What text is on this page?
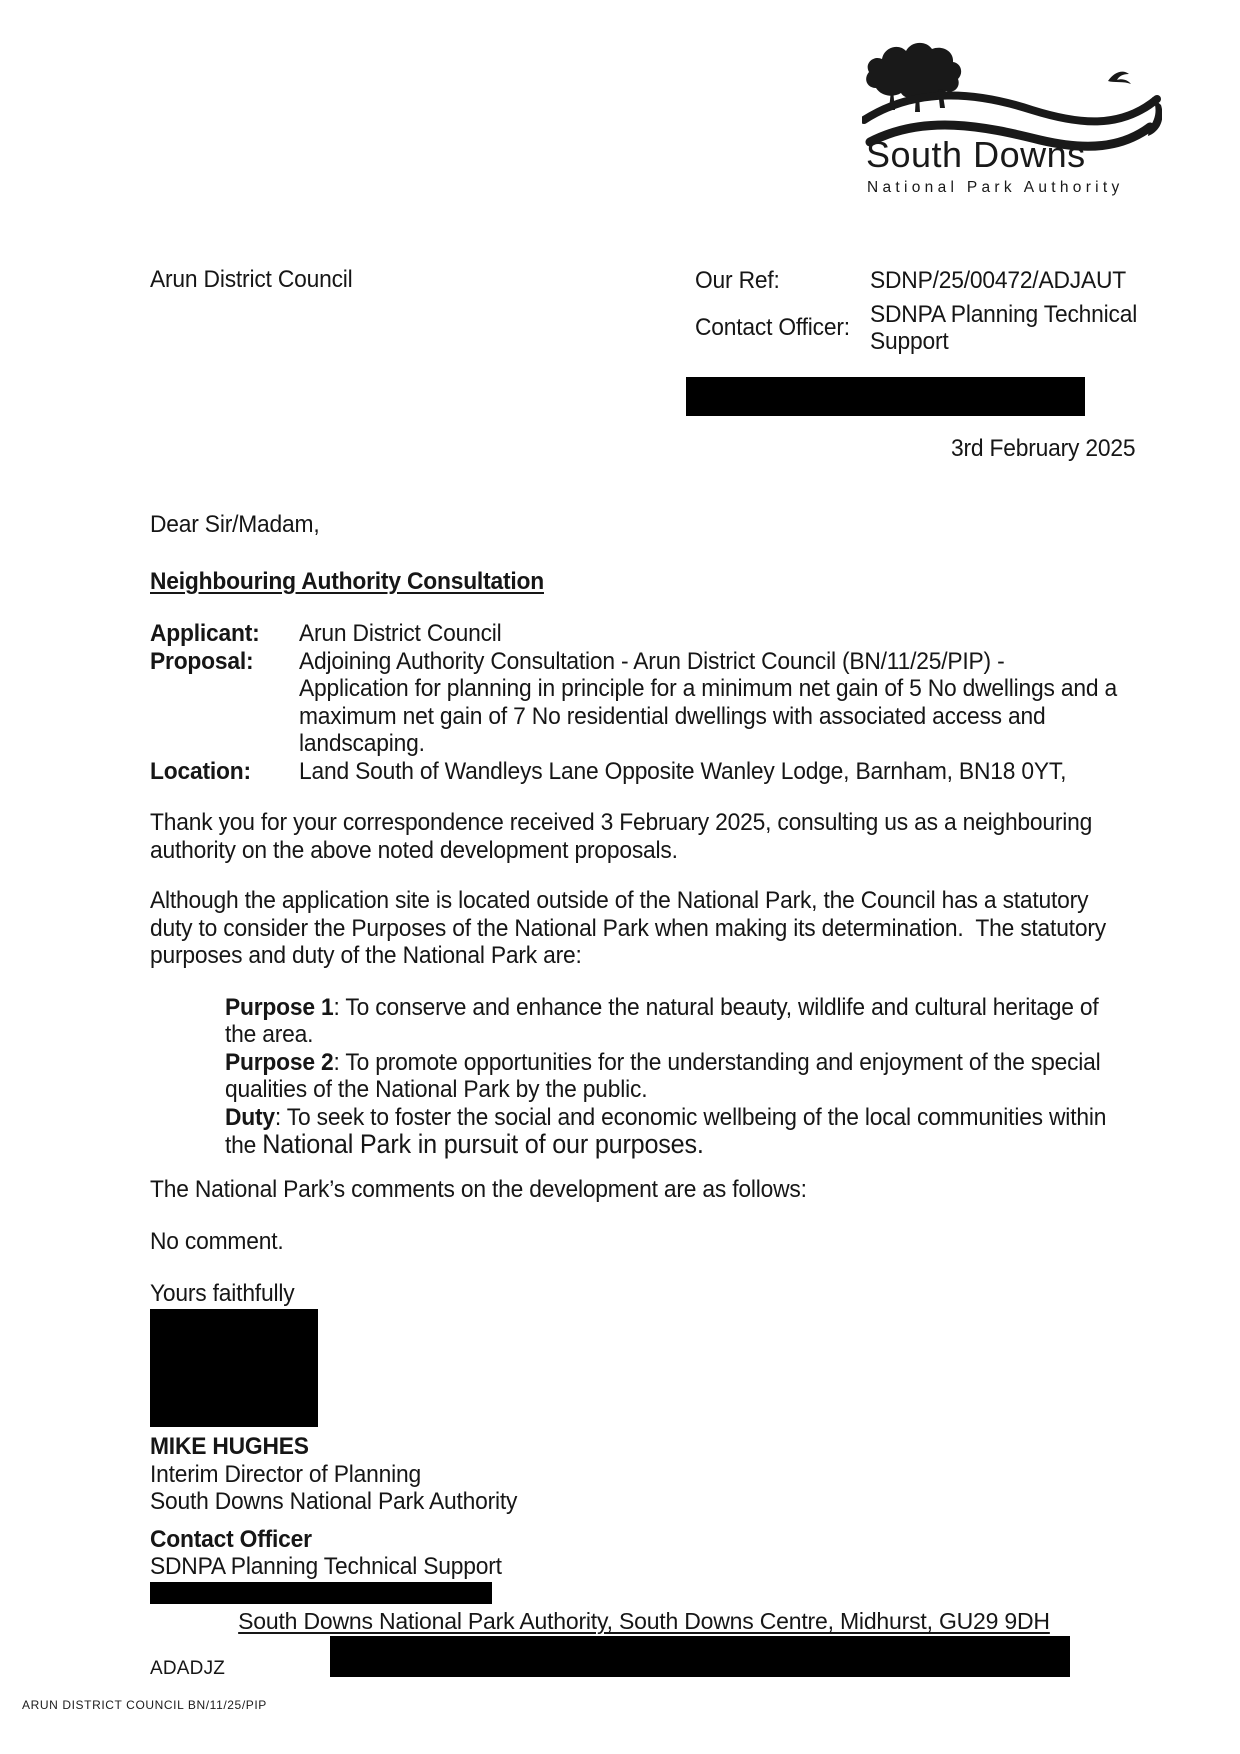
South Downs
National Park Authority
Arun District Council	Our Ref:	SDNP/25/00472/ADJAUT
Contact Officer: SDNPA Planning Technical Support
3rd February 2025
Dear Sir/Madam,
Neighbouring Authority Consultation
Applicant:	Arun District Council
Proposal:	Adjoining Authority Consultation - Arun District Council (BN/11/25/PIP) -
Application for planning in principle for a minimum net gain of 5 No dwellings and a
maximum net gain of 7 No residential dwellings with associated access and
landscaping.
Location:	Land South of Wandleys Lane Opposite Wanley Lodge, Barnham, BN18 0YT,
Thank you for your correspondence received 3 February 2025, consulting us as a neighbouring
authority on the above noted development proposals.
Although the application site is located outside of the National Park, the Council has a statutory
duty to consider the Purposes of the National Park when making its determination.  The statutory
purposes and duty of the National Park are:
Purpose 1: To conserve and enhance the natural beauty, wildlife and cultural heritage of
the area.
Purpose 2: To promote opportunities for the understanding and enjoyment of the special
qualities of the National Park by the public.
Duty: To seek to foster the social and economic wellbeing of the local communities within
the National Park in pursuit of our purposes.
The National Park’s comments on the development are as follows:
No comment.
Yours faithfully
MIKE HUGHES
Interim Director of Planning
South Downs National Park Authority
Contact Officer
SDNPA Planning Technical Support
South Downs National Park Authority, South Downs Centre, Midhurst, GU29 9DH
ADADJZ
ARUN DISTRICT COUNCIL BN/11/25/PIP
